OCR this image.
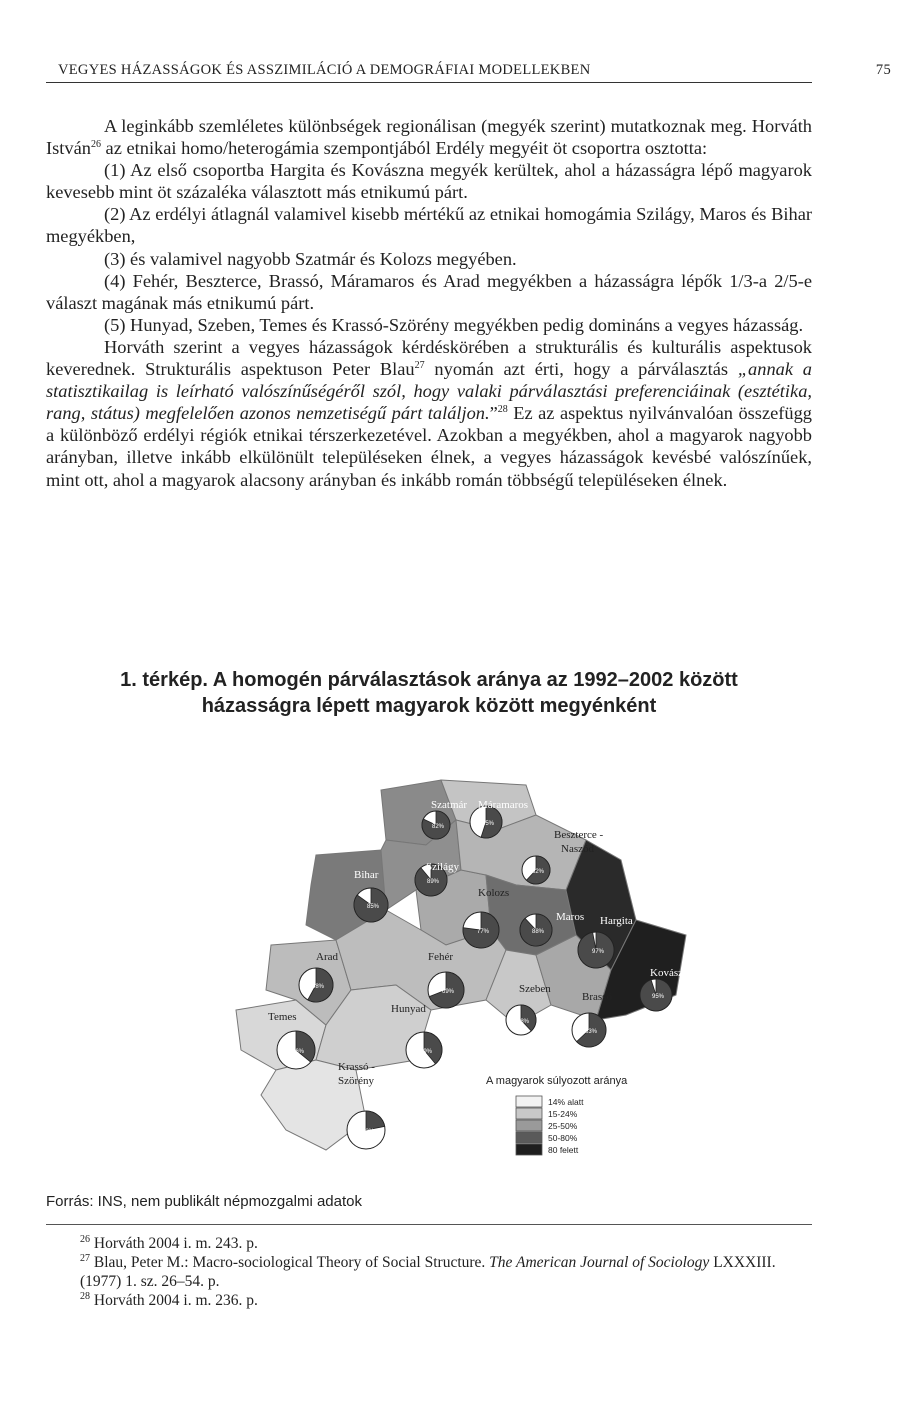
VEGYES HÁZASSÁGOK ÉS ASSZIMILÁCIÓ A DEMOGRÁFIAI MODELLEKBEN	75

A leginkább szemléletes különbségek regionálisan (megyék szerint) mutatkoznak meg. Horváth István$^{26}$ az etnikai homo/heterogámia szempontjából Erdély megyéit öt csoportra osztotta:

(1) Az első csoportba Hargita és Kovászna megyék kerültek, ahol a házasságra lépő magyarok kevesebb mint öt százaléka választott más etnikumú párt.

(2) Az erdélyi átlagnál valamivel kisebb mértékű az etnikai homogámia Szilágy, Maros és Bihar megyékben,

(3) és valamivel nagyobb Szatmár és Kolozs megyében.

(4) Fehér, Beszterce, Brassó, Máramaros és Arad megyékben a házasságra lépők 1/3-a 2/5-e választ magának más etnikumú párt.

(5) Hunyad, Szeben, Temes és Krassó-Szörény megyékben pedig domináns a vegyes házasság.

Horváth szerint a vegyes házasságok kérdéskörében a strukturális és kulturális aspektusok keverednek. Strukturális aspektuson Peter Blau$^{27}$ nyomán azt érti, hogy a párválasztás „annak a statisztikailag is leírható valószínűségéről szól, hogy valaki párválasztási preferenciáinak (esztétika, rang, státus) megfelelően azonos nemzetiségű párt találjon.”$^{28}$ Ez az aspektus nyilvánvalóan összefügg a különböző erdélyi régiók etnikai térszerkezetével. Azokban a megyékben, ahol a magyarok nagyobb arányban, illetve inkább elkülönült településeken élnek, a vegyes házasságok kevésbé valószínűek, mint ott, ahol a magyarok alacsony arányban és inkább román többségű településeken élnek.

1. térkép. A homogén párválasztások aránya az 1992–2002 között
házasságra lépett magyarok között megyénként
82%	55%
89%
85%
77%
62%
88%
97%
95%
58%
69%
39%
38%
63%
36%
22%
Szatmár Máramaros
Beszterce -
Naszód
Szilágy
Bihar
Kolozs
Maros Hargita
Kovászna
Arad	Fehér
Hunyad
Szeben
Brassó
Temes
Krassó -
Szörény	A magyarok súlyozott aránya
14% alatt
15-24%
25-50%
50-80%
80 felett
Forrás: INS, nem publikált népmozgalmi adatok

$^{26}$ Horváth 2004 i. m. 243. p.

$^{27}$ Blau, Peter M.: Macro-sociological Theory of Social Structure. The American Journal of Sociology LXXXIII. (1977) 1. sz. 26–54. p.

$^{28}$ Horváth 2004 i. m. 236. p.
